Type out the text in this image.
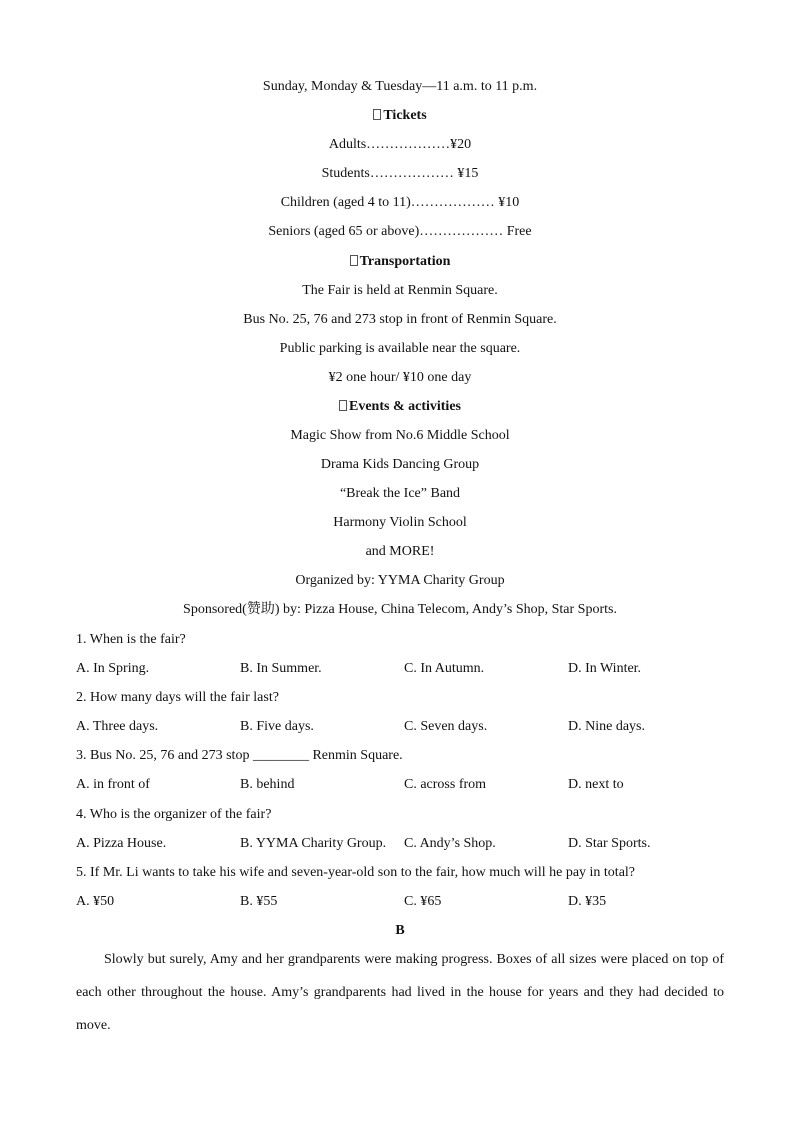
Sunday, Monday & Tuesday—11 a.m. to 11 p.m.
Tickets
Adults………………¥20
Students……………… ¥15
Children (aged 4 to 11)……………… ¥10
Seniors (aged 65 or above)……………… Free
Transportation
The Fair is held at Renmin Square.
Bus No. 25, 76 and 273 stop in front of Renmin Square.
Public parking is available near the square.
¥2 one hour/ ¥10 one day
Events & activities
Magic Show from No.6 Middle School
Drama Kids Dancing Group
“Break the Ice” Band
Harmony Violin School
and MORE!
Organized by: YYMA Charity Group
Sponsored(赞助) by: Pizza House, China Telecom, Andy’s Shop, Star Sports.
1. When is the fair?
A. In Spring.	B. In Summer.	C. In Autumn.	D. In Winter.
2. How many days will the fair last?
A. Three days.	B. Five days.	C. Seven days.	D. Nine days.
3. Bus No. 25, 76 and 273 stop ________ Renmin Square.
A. in front of	B. behind	C. across from	D. next to
4. Who is the organizer of the fair?
A. Pizza House.	B. YYMA Charity Group. C. Andy’s Shop.	D. Star Sports.
5. If Mr. Li wants to take his wife and seven-year-old son to the fair, how much will he pay in total?
A. ¥50	B. ¥55	C. ¥65	D. ¥35
B
Slowly but surely, Amy and her grandparents were making progress. Boxes of all sizes were placed on top of each other throughout the house. Amy’s grandparents had lived in the house for years and they had decided to move.
